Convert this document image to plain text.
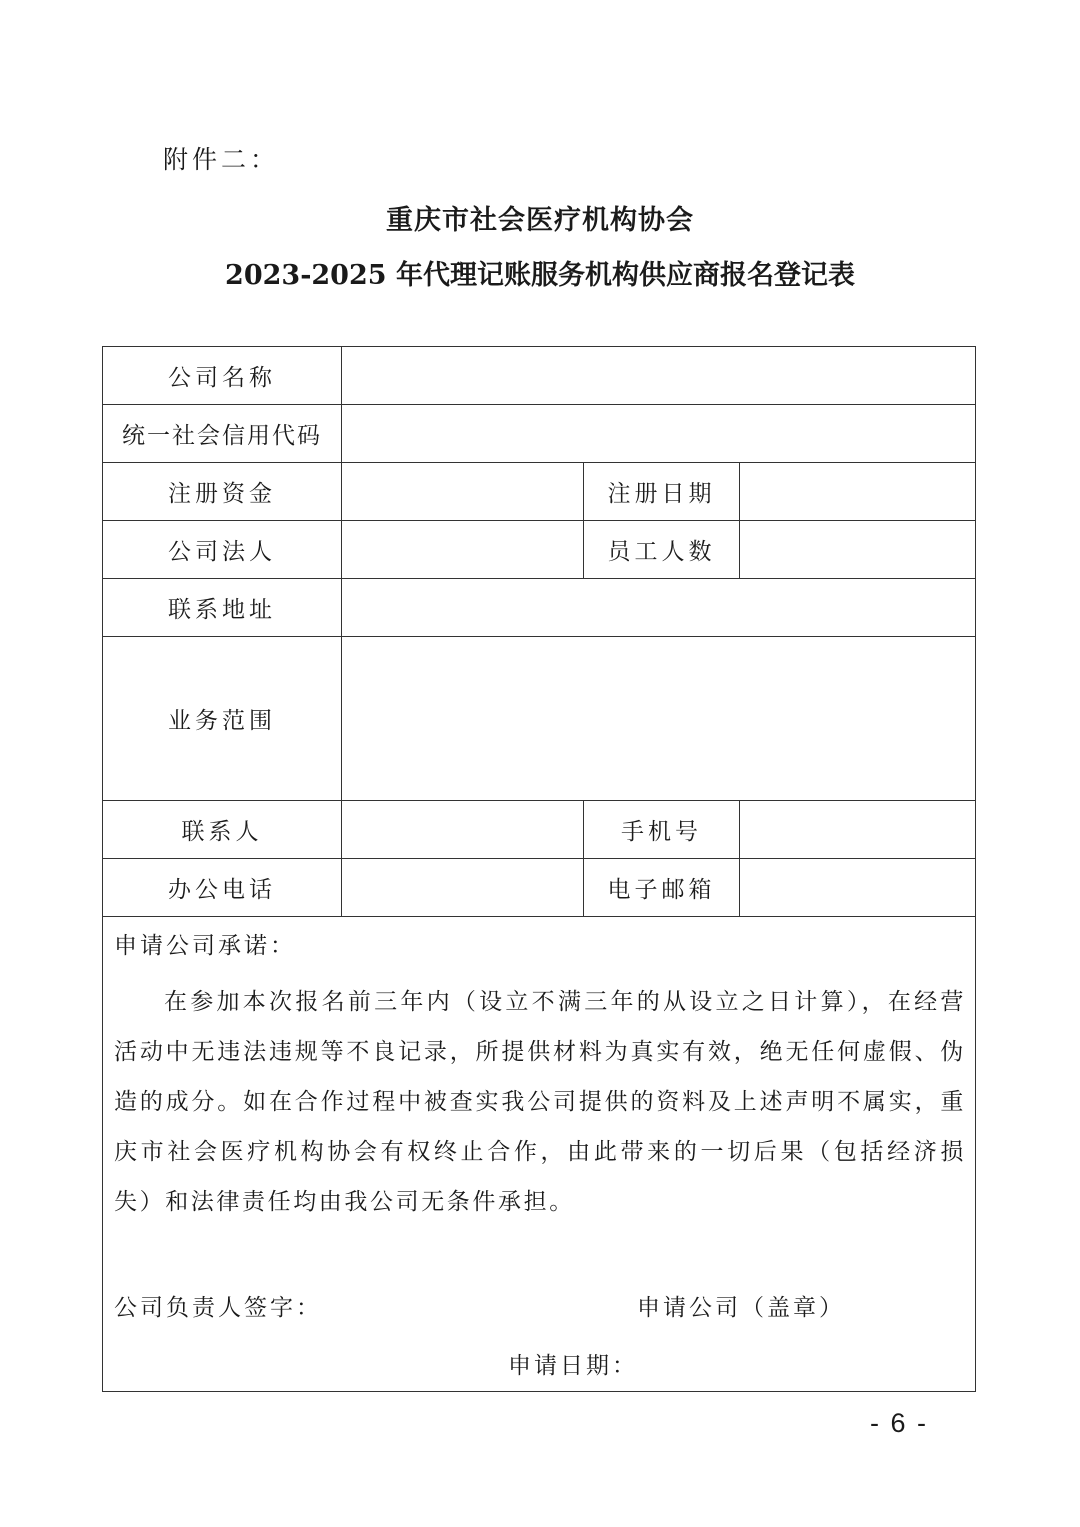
附件二：
重庆市社会医疗机构协会
2023-2025 年代理记账服务机构供应商报名登记表
公司名称			
统一社会信用代码			
注册资金		注册日期	
公司法人		员工人数	
联系地址			
业务范围			
联系人		手机号	
办公电话		电子邮箱	

申请公司承诺：
在参加本次报名前三年内（设立不满三年的从设立之日计算），在经营活动中无违法违规等不良记录，所提供材料为真实有效，绝无任何虚假、伪造的成分。如在合作过程中被查实我公司提供的资料及上述声明不属实，重庆市社会医疗机构协会有权终止合作，由此带来的一切后果（包括经济损失）和法律责任均由我公司无条件承担。
公司负责人签字： 申请公司（盖章）
申请日期：			
- 6 -
